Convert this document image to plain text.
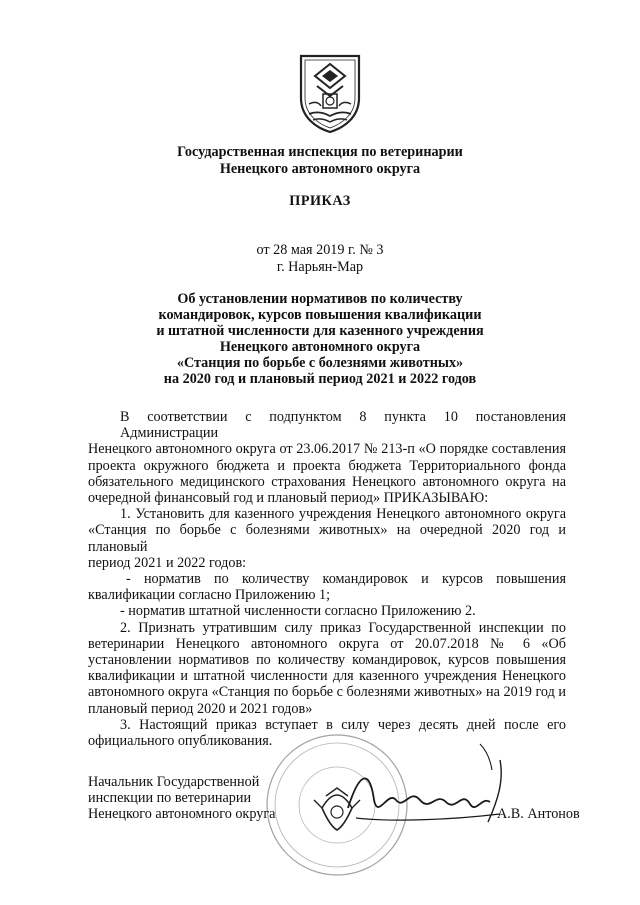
Государственная инспекция по ветеринарии
Ненецкого автономного округа
ПРИКАЗ
от 28 мая 2019 г. № 3
г. Нарьян-Мар
Об установлении нормативов по количеству
командировок, курсов повышения квалификации
и штатной численности для казенного учреждения
Ненецкого автономного округа
«Станция по борьбе с болезнями животных»
на 2020 год и плановый период 2021 и 2022 годов
В соответствии с подпунктом 8 пункта 10 постановления Администрации
Ненецкого автономного округа от 23.06.2017 № 213-п «О порядке составления
проекта окружного бюджета и проекта бюджета Территориального фонда
обязательного медицинского страхования Ненецкого автономного округа на
очередной финансовый год и плановый период» ПРИКАЗЫВАЮ:
1. Установить для казенного учреждения Ненецкого автономного округа
«Станция по борьбе с болезнями животных» на очередной 2020 год и плановый
период 2021 и 2022 годов:
- норматив по количеству командировок и курсов повышения
квалификации согласно Приложению 1;
- норматив штатной численности согласно Приложению 2.
2. Признать утратившим силу приказ Государственной инспекции по
ветеринарии Ненецкого автономного округа от 20.07.2018 № 6 «Об
установлении нормативов по количеству командировок, курсов повышения
квалификации и штатной численности для казенного учреждения Ненецкого
автономного округа «Станция по борьбе с болезнями животных» на 2019 год и
плановый период 2020 и 2021 годов»
3. Настоящий приказ вступает в силу через десять дней после его
официального опубликования.
Начальник Государственной
инспекции по ветеринарии
Ненецкого автономного округа	А.В. Антонов
